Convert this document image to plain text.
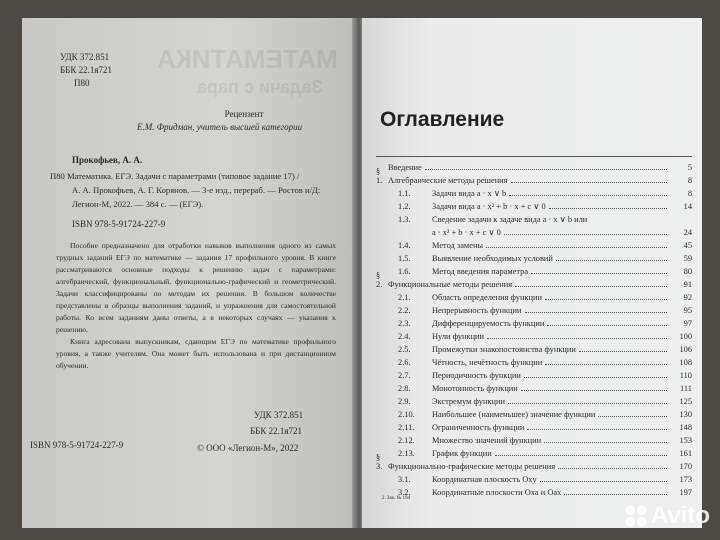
МАТЕМАТИКА
Задачи с пара
УДК 372.851
ББК 22.1я721
П80
Рецензент
Е.М. Фридман, учитель высшей категории
Прокофьев, А. А.
П80 Математика. ЕГЭ. Задачи с параметрами (типовое задание 17) /
А. А. Прокофьев, А. Г. Корянов. — 3-е изд., перераб. — Ростов н/Д:
Легион-М, 2022. — 384 с. — (ЕГЭ).
ISBN 978-5-91724-227-9

Пособие предназначено для отработки навыков выполнения одного из самых трудных заданий ЕГЭ по математике — задания 17 профильного уровня. В книге рассматриваются основные подходы к решению задач с параметрами: алгебраический, функциональный, функционально-графический и геометрический. Задачи классифицированы по методам их решения. В большом количестве представлены и образцы выполнения заданий, и упражнения для самостоятельной работы. Ко всем заданиям даны ответы, а в некоторых случаях — указания к решению.

Книга адресована выпускникам, сдающим ЕГЭ по математике профильного уровня, а также учителям. Она может быть использована и при дистанционном обучении.

УДК 372.851
ББК 22.1я721
ISBN 978-5-91724-227-9	© ООО «Легион-М», 2022
Оглавление
Введение	5
§ 1. Алгебраические методы решения	8
1.1.	Задачи вида a · x ∨ b	8
1.2.	Задачи вида a · x² + b · x + c ∨ 0	14
1.3.	Сведение задачи к задаче вида a · x ∨ b или
a · x² + b · x + c ∨ 0	24
1.4.	Метод замены	45
1.5.	Выявление необходимых условий	59
1.6.	Метод введения параметра	80
§ 2. Функциональные методы решения	91
2.1.	Область определения функции	92
2.2.	Непрерывность функции	95
2.3.	Дифференцируемость функции	97
2.4.	Нули функции	100
2.5.	Промежутки знакопостоянства функции	106
2.6.	Чётность, нечётность функции	108
2.7.	Периодичность функции	110
2.8.	Монотонность функции	111
2.9.	Экстремум функции	125
2.10.	Наибольшее (наименьшее) значение функции	130
2.11.	Ограниченность функции	148
2.12.	Множество значений функции	153
2.13.	График функции	161
§ 3. Функционально-графические методы решения	170
3.1.	Координатная плоскость Oxy	173
3.2.	Координатные плоскости Oxa и Oax	197
2. Зак. № 194
Avito
